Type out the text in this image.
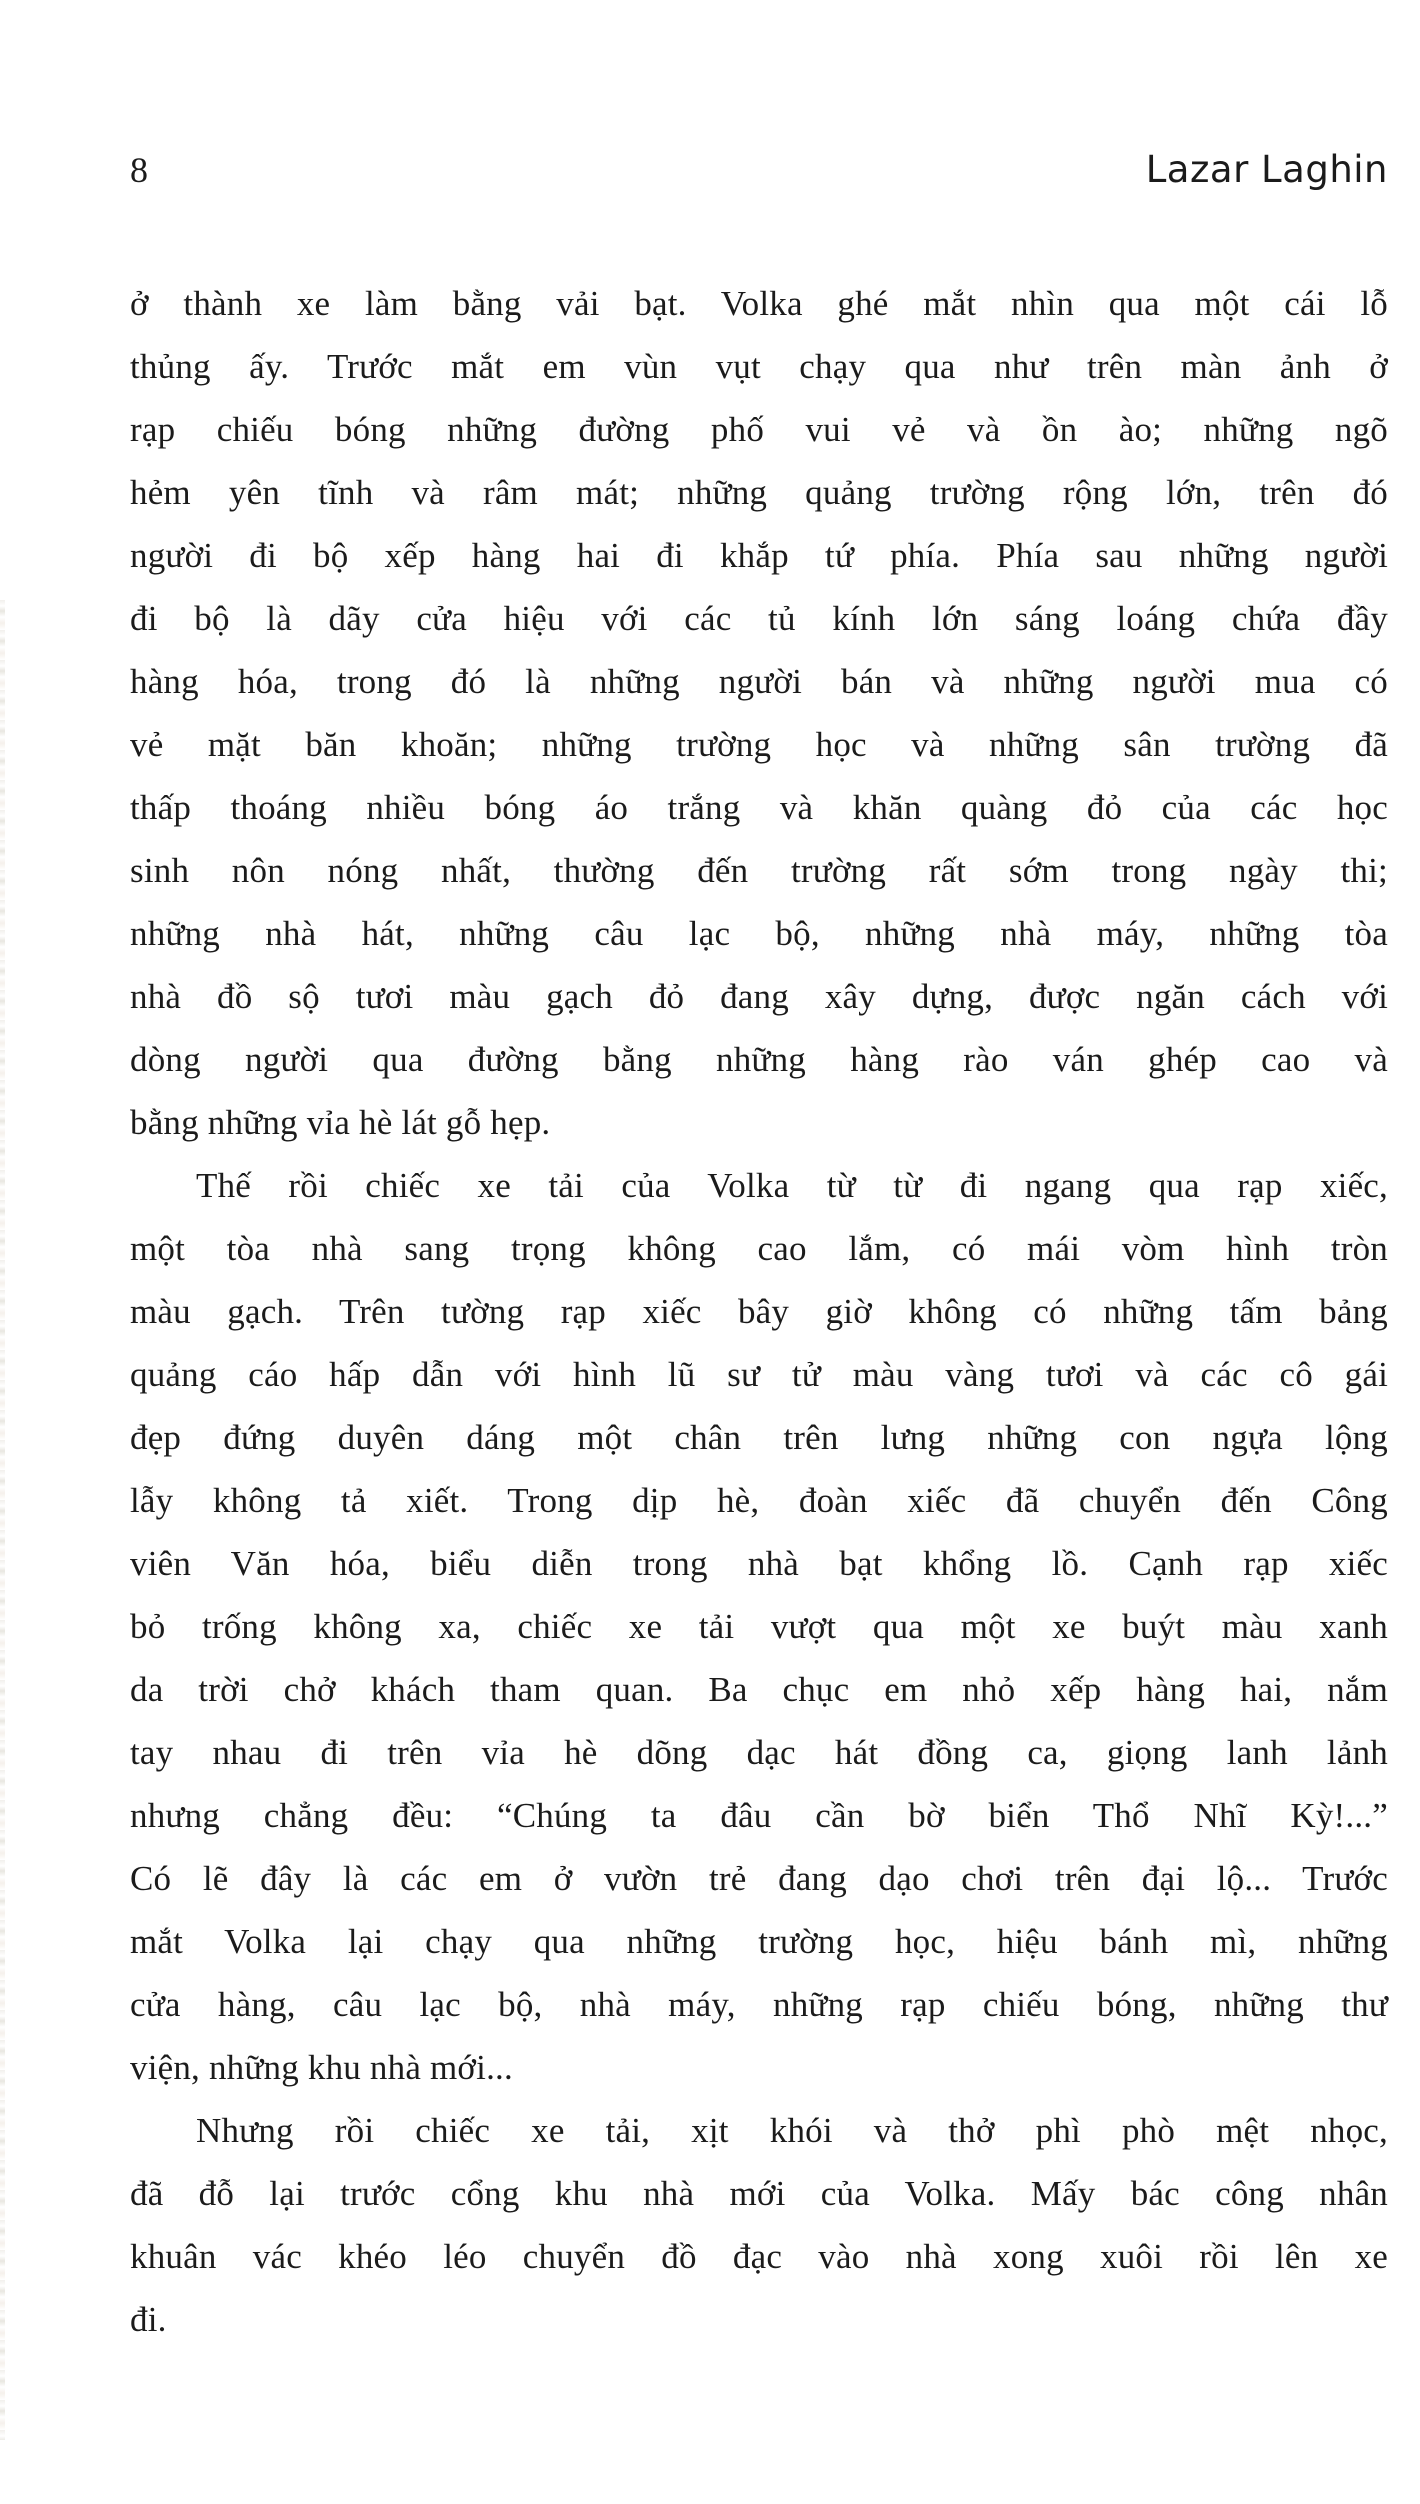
8	Lazar Laghin
ở thành xe làm bằng vải bạt. Volka ghé mắt nhìn qua một cái lỗ
thủng ấy. Trước mắt em vùn vụt chạy qua như trên màn ảnh ở
rạp chiếu bóng những đường phố vui vẻ và ồn ào; những ngõ
hẻm yên tĩnh và râm mát; những quảng trường rộng lớn, trên đó
người đi bộ xếp hàng hai đi khắp tứ phía. Phía sau những người
đi bộ là dãy cửa hiệu với các tủ kính lớn sáng loáng chứa đầy
hàng hóa, trong đó là những người bán và những người mua có
vẻ mặt băn khoăn; những trường học và những sân trường đã
thấp thoáng nhiều bóng áo trắng và khăn quàng đỏ của các học
sinh nôn nóng nhất, thường đến trường rất sớm trong ngày thi;
những nhà hát, những câu lạc bộ, những nhà máy, những tòa
nhà đồ sộ tươi màu gạch đỏ đang xây dựng, được ngăn cách với
dòng người qua đường bằng những hàng rào ván ghép cao và
bằng những vỉa hè lát gỗ hẹp.
Thế rồi chiếc xe tải của Volka từ từ đi ngang qua rạp xiếc,
một tòa nhà sang trọng không cao lắm, có mái vòm hình tròn
màu gạch. Trên tường rạp xiếc bây giờ không có những tấm bảng
quảng cáo hấp dẫn với hình lũ sư tử màu vàng tươi và các cô gái
đẹp đứng duyên dáng một chân trên lưng những con ngựa lộng
lẫy không tả xiết. Trong dịp hè, đoàn xiếc đã chuyển đến Công
viên Văn hóa, biểu diễn trong nhà bạt khổng lồ. Cạnh rạp xiếc
bỏ trống không xa, chiếc xe tải vượt qua một xe buýt màu xanh
da trời chở khách tham quan. Ba chục em nhỏ xếp hàng hai, nắm
tay nhau đi trên vỉa hè dõng dạc hát đồng ca, giọng lanh lảnh
nhưng chẳng đều: “Chúng ta đâu cần bờ biển Thổ Nhĩ Kỳ!...”
Có lẽ đây là các em ở vườn trẻ đang dạo chơi trên đại lộ... Trước
mắt Volka lại chạy qua những trường học, hiệu bánh mì, những
cửa hàng, câu lạc bộ, nhà máy, những rạp chiếu bóng, những thư
viện, những khu nhà mới...
Nhưng rồi chiếc xe tải, xịt khói và thở phì phò mệt nhọc,
đã đỗ lại trước cổng khu nhà mới của Volka. Mấy bác công nhân
khuân vác khéo léo chuyển đồ đạc vào nhà xong xuôi rồi lên xe
đi.
